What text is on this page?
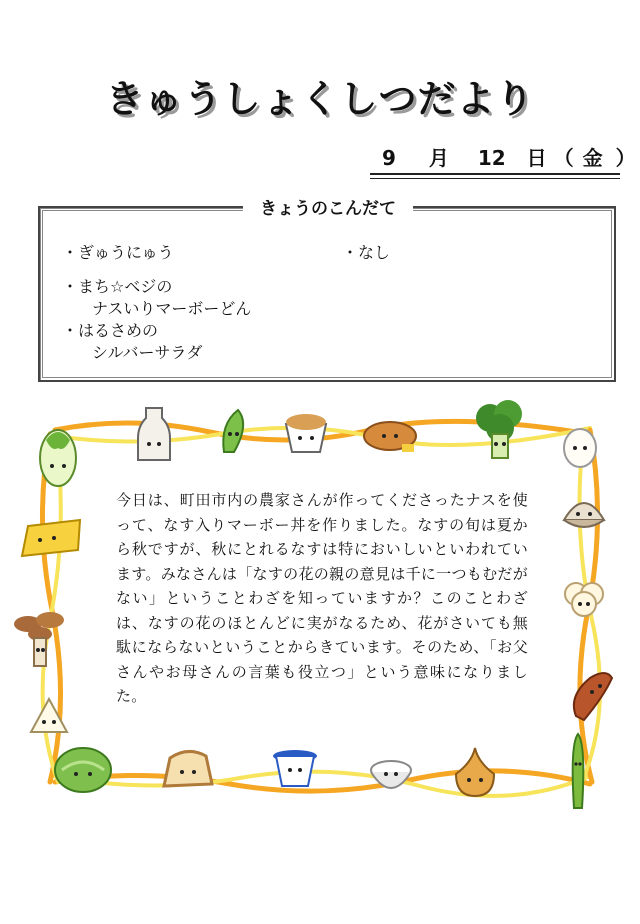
きゅうしょくしつだより
9 月 12 日 （ 金 ）
きょうのこんだて
・ぎゅうにゅう	・なし
・まち☆ベジの
ナスいりマーボーどん
・はるさめの
シルバーサラダ
今日は、町田市内の農家さんが作ってくださったナスを使って、なす入りマーボー丼を作りました。なすの旬は夏から秋ですが、秋にとれるなすは特においしいといわれています。みなさんは「なすの花の親の意見は千に一つもむだがない」ということわざを知っていますか？このことわざは、なすの花のほとんどに実がなるため、花がさいても無駄にならないということからきています。そのため、「お父さんやお母さんの言葉も役立つ」という意味になりました。
